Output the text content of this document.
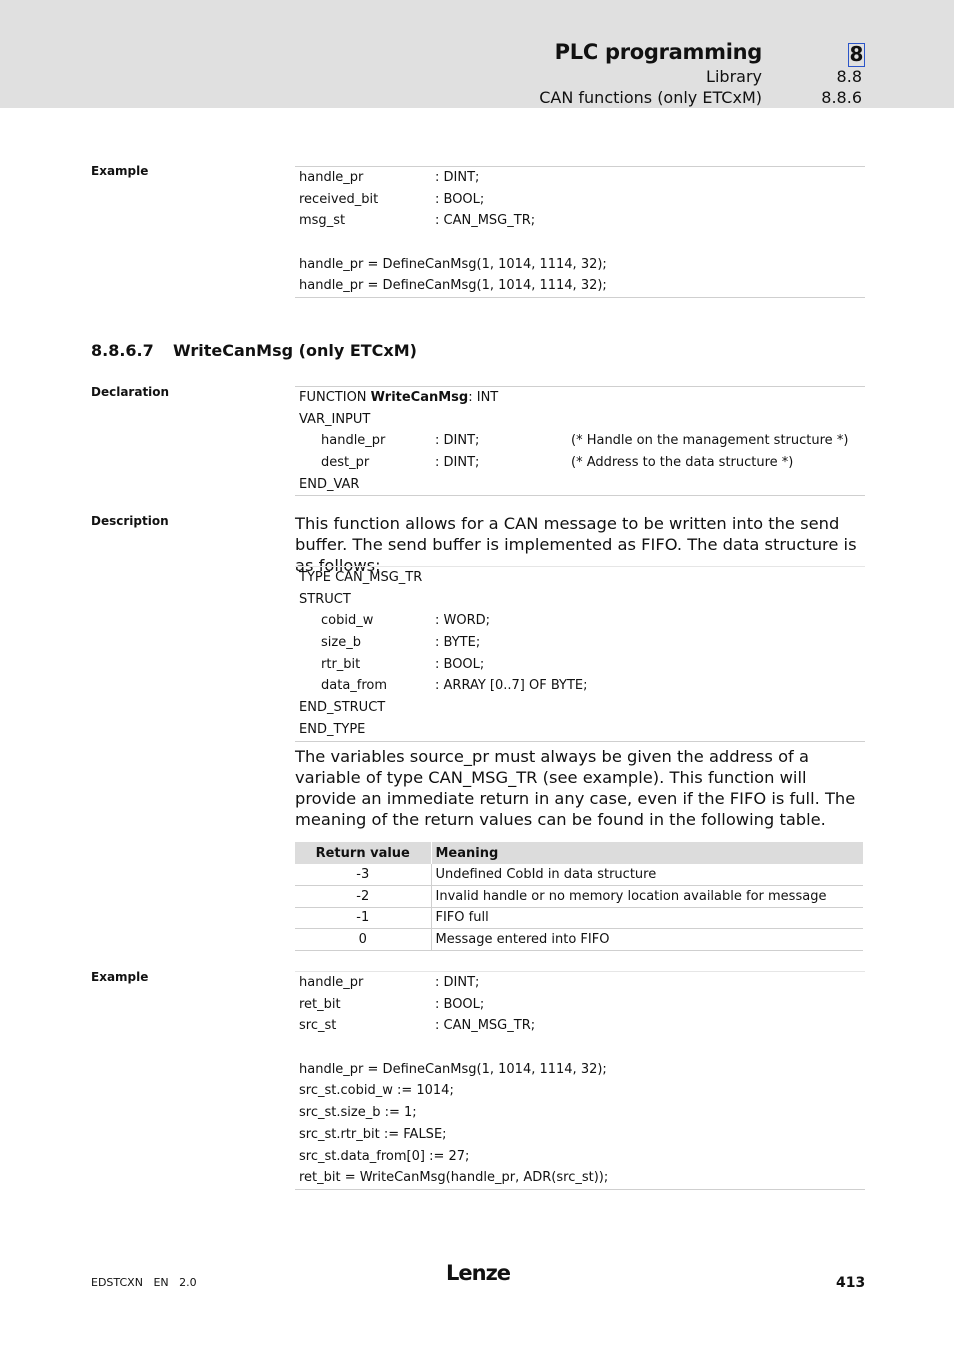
PLC programming	8
Library	8.8
CAN functions (only ETCxM)	8.8.6
Example	handle_pr	: DINT;
received_bit	: BOOL;
msg_st	: CAN_MSG_TR;
handle_pr = DefineCanMsg(1, 1014, 1114, 32);
handle_pr = DefineCanMsg(1, 1014, 1114, 32);
8.8.6.7 WriteCanMsg (only ETCxM)
Declaration	FUNCTION WriteCanMsg: INT
VAR_INPUT
handle_pr	: DINT;	(* Handle on the management structure *)
dest_pr	: DINT;	(* Address to the data structure *)
END_VAR
Description	This function allows for a CAN message to be written into the send buffer. The send buffer is implemented as FIFO. The data structure is as follows:
TYPE CAN_MSG_TR
STRUCT
cobid_w	: WORD;
size_b	: BYTE;
rtr_bit	: BOOL;
data_from	: ARRAY [0..7] OF BYTE;
END_STRUCT
END_TYPE
The variables source_pr must always be given the address of a variable of type CAN_MSG_TR (see example). This function will provide an immediate return in any case, even if the FIFO is full. The meaning of the return values can be found in the following table.
Return value	Meaning
-3	Undefined CobId in data structure
-2	Invalid handle or no memory location available for message
-1	FIFO full
0	Message entered into FIFO
Example	handle_pr	: DINT;
ret_bit	: BOOL;
src_st	: CAN_MSG_TR;
handle_pr = DefineCanMsg(1, 1014, 1114, 32);
src_st.cobid_w := 1014;
src_st.size_b := 1;
src_st.rtr_bit := FALSE;
src_st.data_from[0] := 27;
ret_bit = WriteCanMsg(handle_pr, ADR(src_st));
EDSTCXN EN 2.0	Lenze	413
